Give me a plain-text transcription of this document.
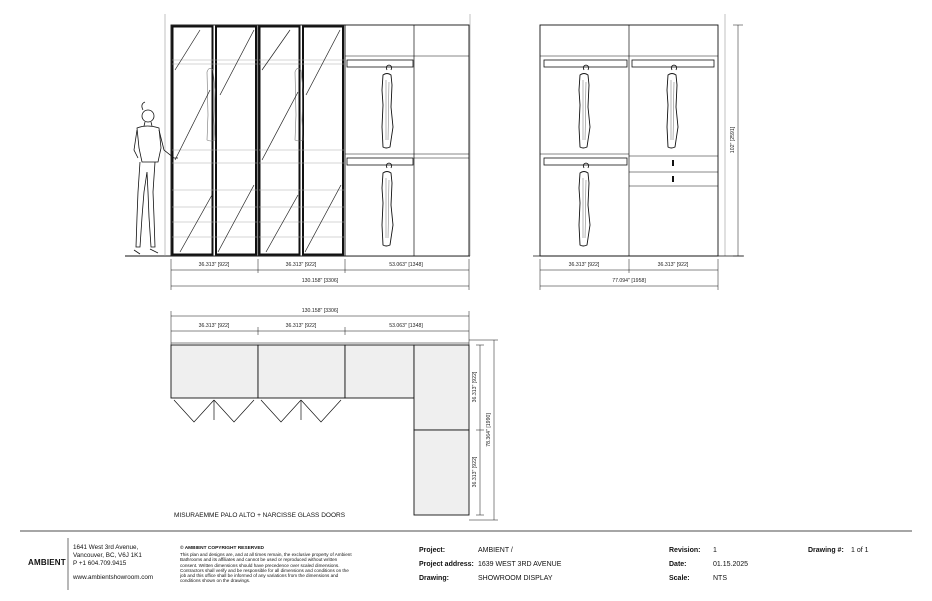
36.313" [922]	36.313" [922]	53.063" [1348]
130.158" [3306]
102" [2591]
36.313" [922]	36.313" [922]
77.094" [1958]
130.158" [3306]
36.313" [922]	36.313" [922]	53.063" [1348]
36.313" [922]
36.313" [922]
78.364" [1990]
MISURAEMME PALO ALTO + NARCISSE GLASS DOORS
AMBIENT
1641 West 3rd Avenue,
Vancouver, BC, V6J 1K1
P +1 604.709.9415
www.ambientshowroom.com
© AMBIENT COPYRIGHT RESERVED
This plan and designs are, and at all times remain, the exclusive property of Ambient Bathrooms and its affiliates and cannot be used or reproduced without written consent. Written dimensions should have precedence over scaled dimensions. Contractors shall verify and be responsible for all dimensions and conditions on the job and this office shall be informed of any variations from the dimensions and conditions shown on the drawings.
Project:	AMBIENT /
Project address: 1639 WEST 3RD AVENUE
Drawing:	SHOWROOM DISPLAY
Revision: 1
Date:	01.15.2025
Scale:	NTS
Drawing #: 1 of 1
